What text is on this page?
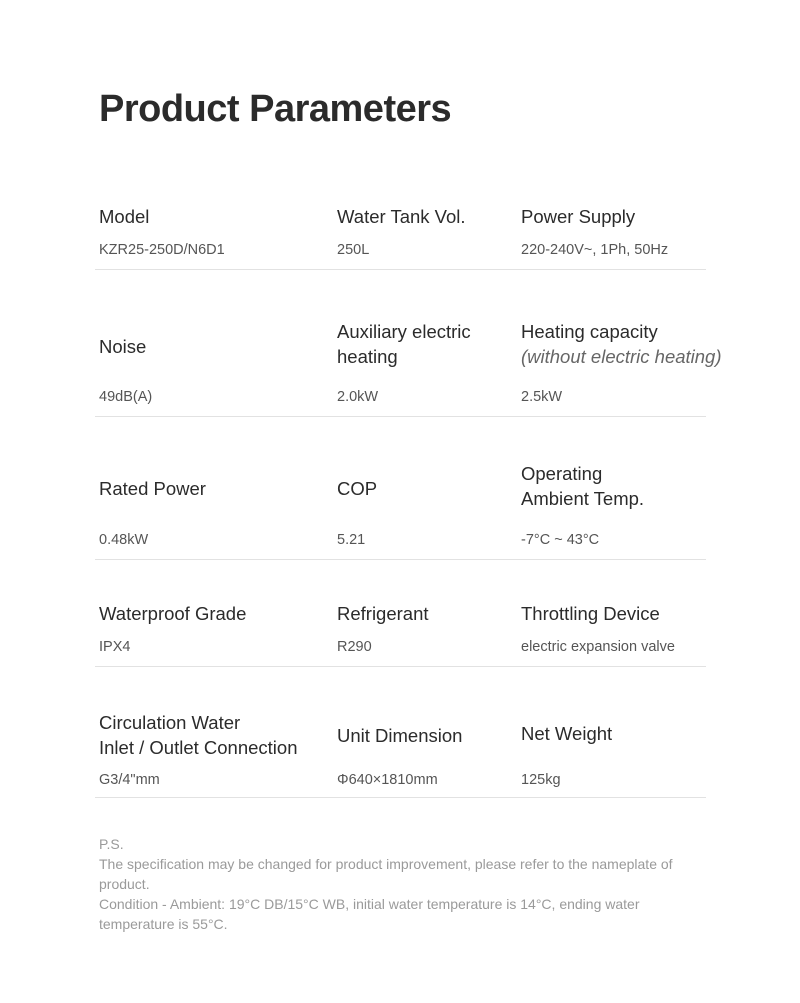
Product Parameters
Model
KZR25-250D/N6D1
Water Tank Vol.
250L
Power Supply
220-240V~, 1Ph, 50Hz
Noise
49dB(A)
Auxiliary electric
heating
2.0kW
Heating capacity
(without electric heating)
2.5kW
Rated Power
0.48kW
COP
5.21
Operating
Ambient Temp.
-7°C ~ 43°C
Waterproof Grade
IPX4
Refrigerant
R290
Throttling Device
electric expansion valve
Circulation Water
Inlet / Outlet Connection
G3/4"mm
Unit Dimension
Φ640×1810mm
Net Weight
125kg
P.S.
The specification may be changed for product improvement, please refer to the nameplate of product.
Condition - Ambient: 19°C DB/15°C WB, initial water temperature is 14°C, ending water temperature is 55°C.
